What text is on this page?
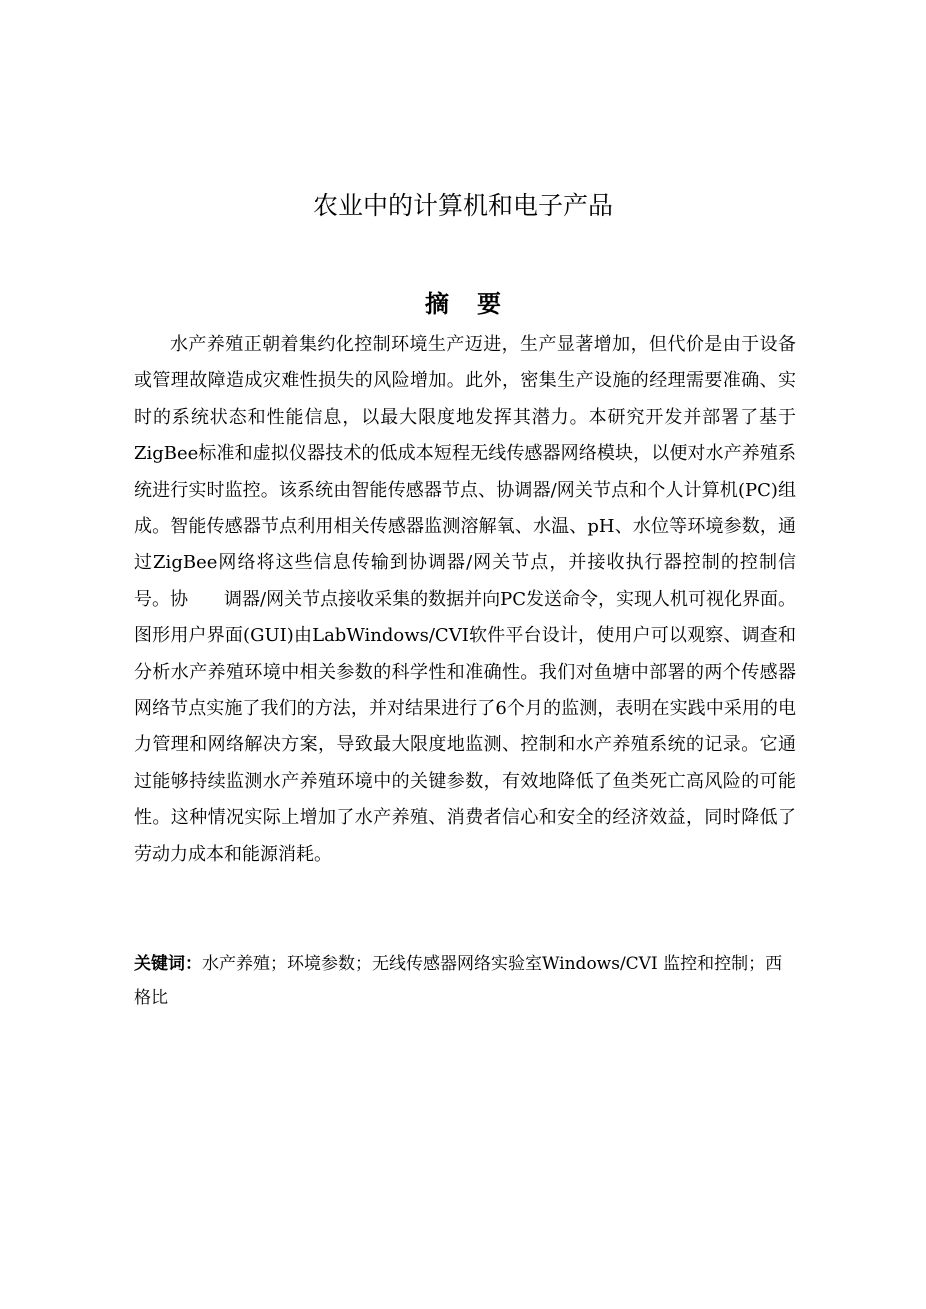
农业中的计算机和电子产品
摘要

水产养殖正朝着集约化控制环境生产迈进，生产显著增加，但代价是由于设备或管理故障造成灾难性损失的风险增加。此外，密集生产设施的经理需要准确、实时的系统状态和性能信息，以最大限度地发挥其潜力。本研究开发并部署了基于ZigBee标准和虚拟仪器技术的低成本短程无线传感器网络模块，以便对水产养殖系统进行实时监控。该系统由智能传感器节点、协调器/网关节点和个人计算机(PC)组成。智能传感器节点利用相关传感器监测溶解氧、水温、pH、水位等环境参数，通过ZigBee网络将这些信息传输到协调器/网关节点，并接收执行器控制的控制信号。协　　调器/网关节点接收采集的数据并向PC发送命令，实现人机可视化界面。图形用户界面(GUI)由LabWindows/CVI软件平台设计，使用户可以观察、调查和分析水产养殖环境中相关参数的科学性和准确性。我们对鱼塘中部署的两个传感器网络节点实施了我们的方法，并对结果进行了6个月的监测，表明在实践中采用的电力管理和网络解决方案，导致最大限度地监测、控制和水产养殖系统的记录。它通过能够持续监测水产养殖环境中的关键参数，有效地降低了鱼类死亡高风险的可能性。这种情况实际上增加了水产养殖、消费者信心和安全的经济效益，同时降低了劳动力成本和能源消耗。

关键词：水产养殖；环境参数；无线传感器网络实验室Windows/CVI 监控和控制；西格比
